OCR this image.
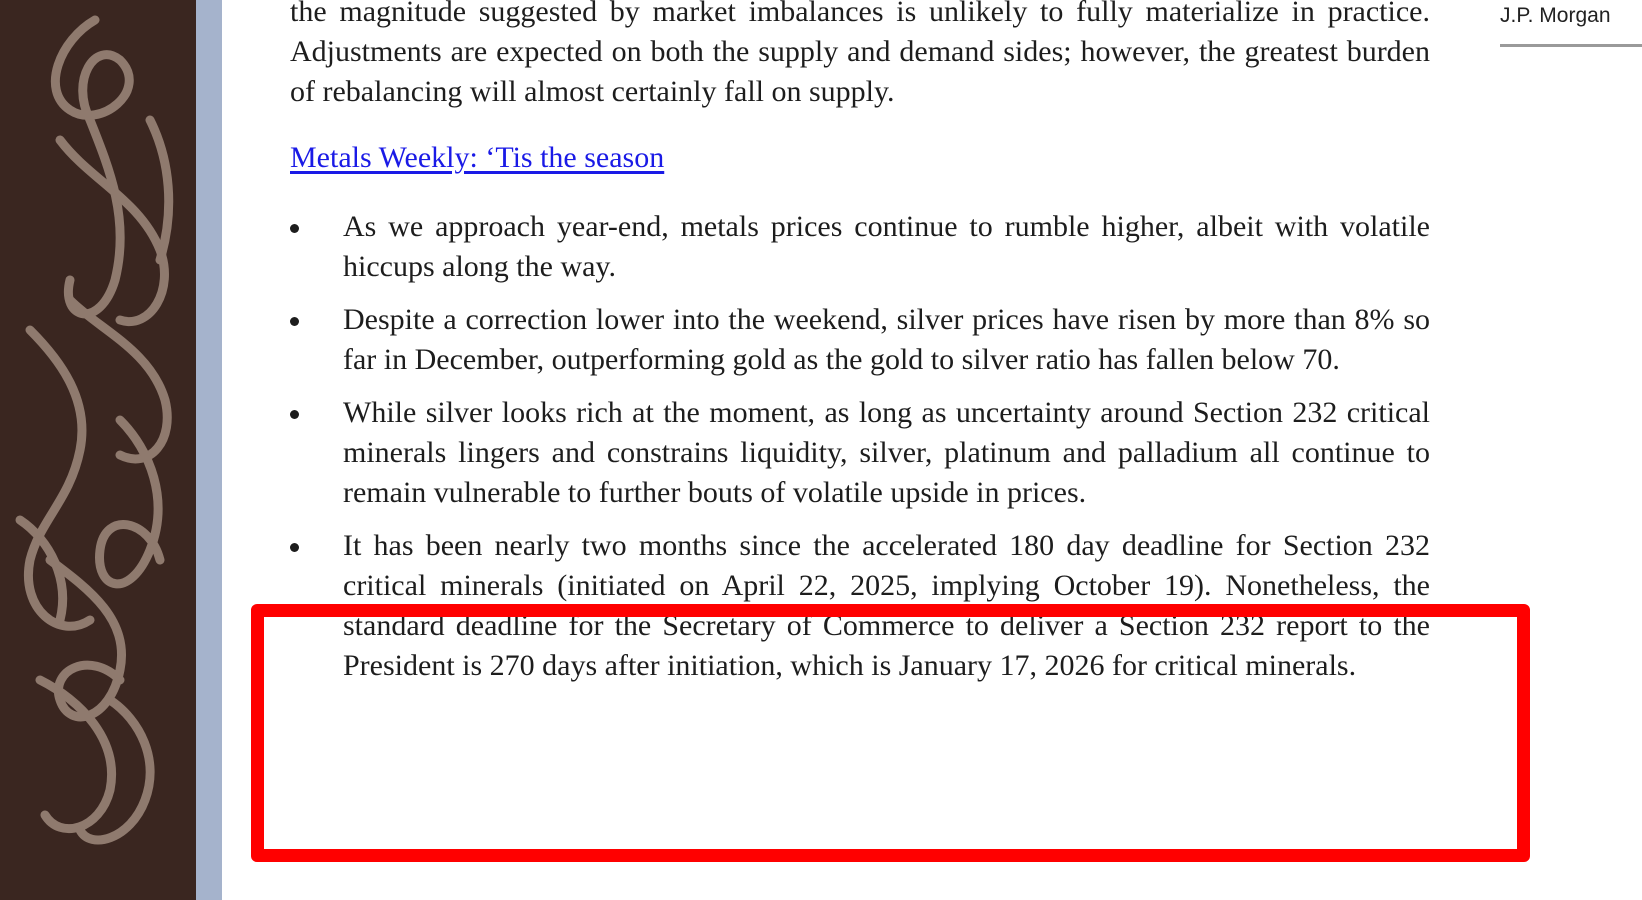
J.P. Morgan

the magnitude suggested by market imbalances is unlikely to fully materialize in practice. Adjustments are expected on both the supply and demand sides; however, the greatest burden of rebalancing will almost certainly fall on supply.

Metals Weekly: ‘Tis the season
As we approach year-end, metals prices continue to rumble higher, albeit with volatile hiccups along the way.
Despite a correction lower into the weekend, silver prices have risen by more than 8% so far in December, outperforming gold as the gold to silver ratio has fallen below 70.
While silver looks rich at the moment, as long as uncertainty around Section 232 critical minerals lingers and constrains liquidity, silver, platinum and palladium all continue to remain vulnerable to further bouts of volatile upside in prices.
It has been nearly two months since the accelerated 180 day deadline for Section 232 critical minerals (initiated on April 22, 2025, implying October 19). Nonetheless, the standard deadline for the Secretary of Commerce to deliver a Section 232 report to the President is 270 days after initiation, which is January 17, 2026 for critical minerals.
